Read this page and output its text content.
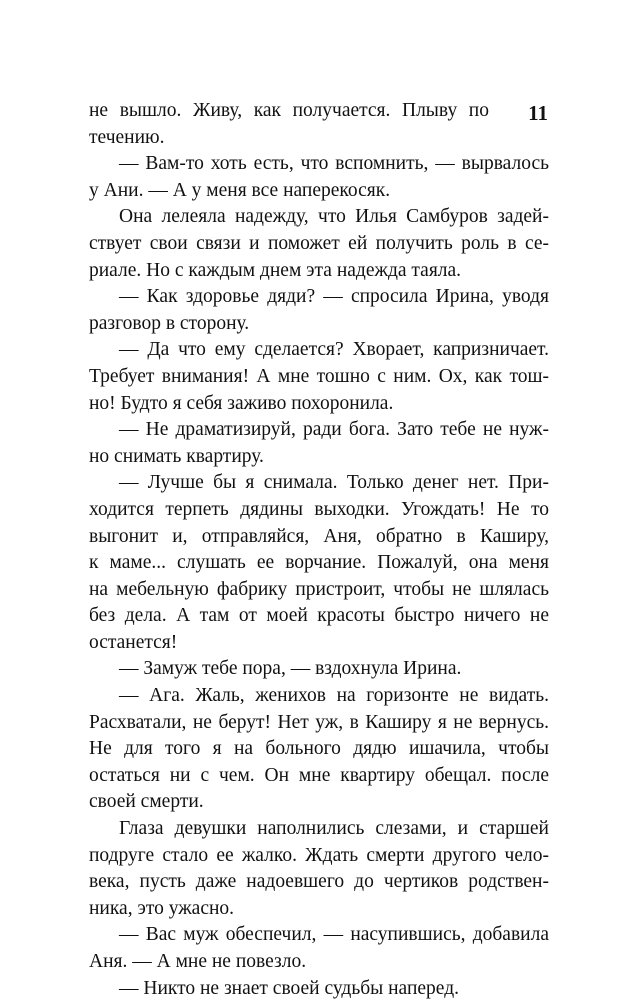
11
не вышло. Живу, как получается. Плыву по
течению.
— Вам-то хоть есть, что вспомнить, — вырвалось
у Ани. — А у меня все наперекосяк.
Она лелеяла надежду, что Илья Самбуров задей-
ствует свои связи и поможет ей получить роль в се-
риале. Но с каждым днем эта надежда таяла.
— Как здоровье дяди? — спросила Ирина, уводя
разговор в сторону.
— Да что ему сделается? Хворает, капризничает.
Требует внимания! А мне тошно с ним. Ох, как тош-
но! Будто я себя заживо похоронила.
— Не драматизируй, ради бога. Зато тебе не нуж-
но снимать квартиру.
— Лучше бы я снимала. Только денег нет. При-
ходится терпеть дядины выходки. Угождать! Не то
выгонит и, отправляйся, Аня, обратно в Каширу,
к маме... слушать ее ворчание. Пожалуй, она меня
на мебельную фабрику пристроит, чтобы не шлялась
без дела. А там от моей красоты быстро ничего не
останется!
— Замуж тебе пора, — вздохнула Ирина.
— Ага. Жаль, женихов на горизонте не видать.
Расхватали, не берут! Нет уж, в Каширу я не вернусь.
Не для того я на больного дядю ишачила, чтобы
остаться ни с чем. Он мне квартиру обещал. после
своей смерти.
Глаза девушки наполнились слезами, и старшей
подруге стало ее жалко. Ждать смерти другого чело-
века, пусть даже надоевшего до чертиков родствен-
ника, это ужасно.
— Вас муж обеспечил, — насупившись, добавила
Аня. — А мне не повезло.
— Никто не знает своей судьбы наперед.
